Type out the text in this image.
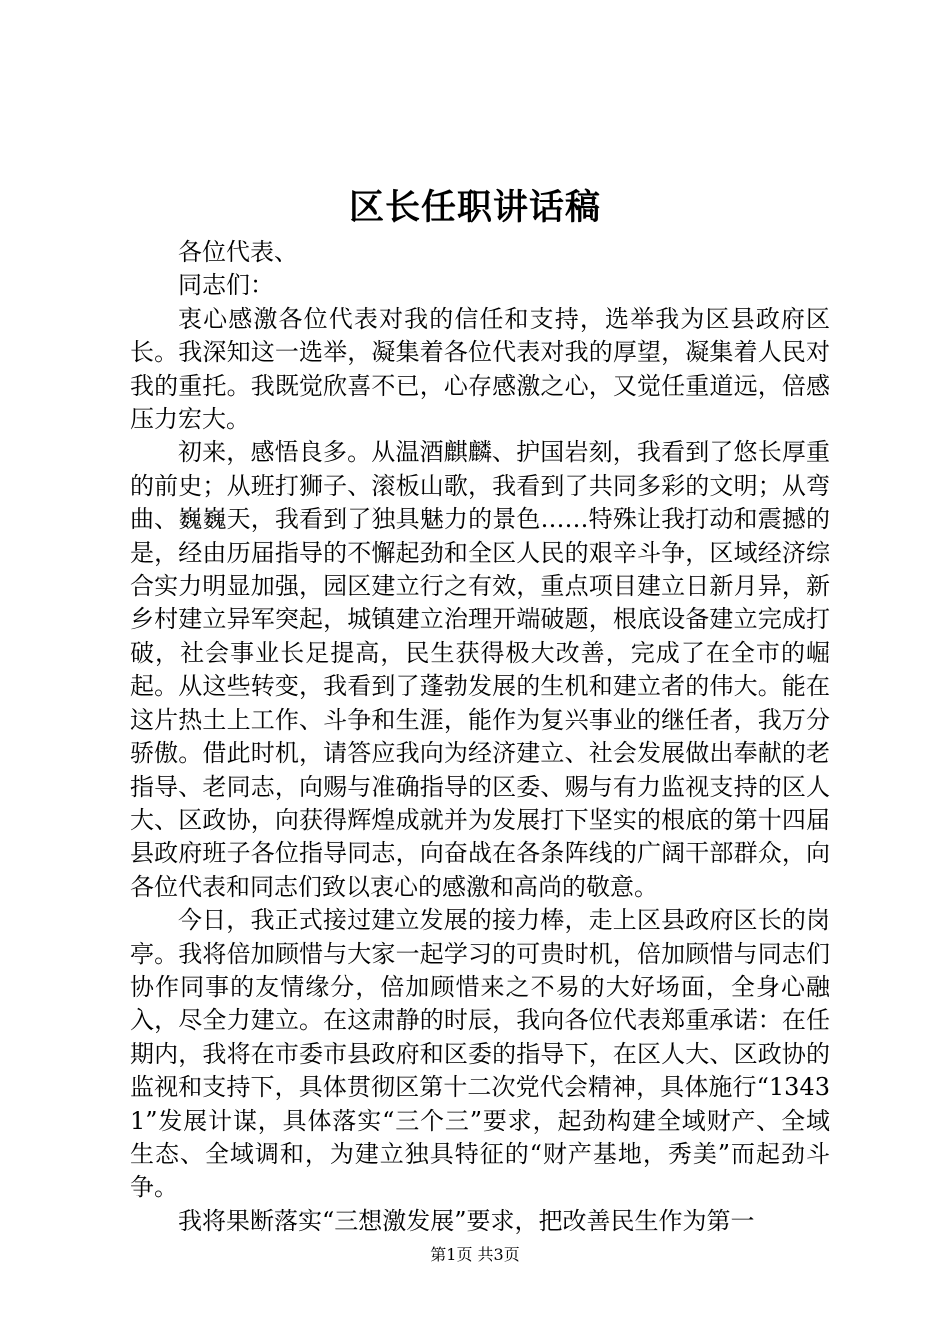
区长任职讲话稿

各位代表、

同志们：

衷心感激各位代表对我的信任和支持，选举我为区县政府区长。我深知这一选举，凝集着各位代表对我的厚望，凝集着人民对我的重托。我既觉欣喜不已，心存感激之心，又觉任重道远，倍感压力宏大。

初来，感悟良多。从温酒麒麟、护国岩刻，我看到了悠长厚重的前史；从班打狮子、滚板山歌，我看到了共同多彩的文明；从弯曲、巍巍天，我看到了独具魅力的景色……特殊让我打动和震撼的是，经由历届指导的不懈起劲和全区人民的艰辛斗争，区域经济综合实力明显加强，园区建立行之有效，重点项目建立日新月异，新乡村建立异军突起，城镇建立治理开端破题，根底设备建立完成打破，社会事业长足提高，民生获得极大改善，完成了在全市的崛起。从这些转变，我看到了蓬勃发展的生机和建立者的伟大。能在这片热土上工作、斗争和生涯，能作为复兴事业的继任者，我万分骄傲。借此时机，请答应我向为经济建立、社会发展做出奉献的老指导、老同志，向赐与准确指导的区委、赐与有力监视支持的区人大、区政协，向获得辉煌成就并为发展打下坚实的根底的第十四届县政府班子各位指导同志，向奋战在各条阵线的广阔干部群众，向各位代表和同志们致以衷心的感激和高尚的敬意。

今日，我正式接过建立发展的接力棒，走上区县政府区长的岗亭。我将倍加顾惜与大家一起学习的可贵时机，倍加顾惜与同志们协作同事的友情缘分，倍加顾惜来之不易的大好场面，全身心融入，尽全力建立。在这肃静的时辰，我向各位代表郑重承诺：在任期内，我将在市委市县政府和区委的指导下，在区人大、区政协的监视和支持下，具体贯彻区第十二次党代会精神，具体施行“13431”发展计谋，具体落实“三个三”要求，起劲构建全域财产、全域生态、全域调和，为建立独具特征的“财产基地，秀美”而起劲斗争。

我将果断落实“三想激发展”要求，把改善民生作为第一

第1页 共3页
